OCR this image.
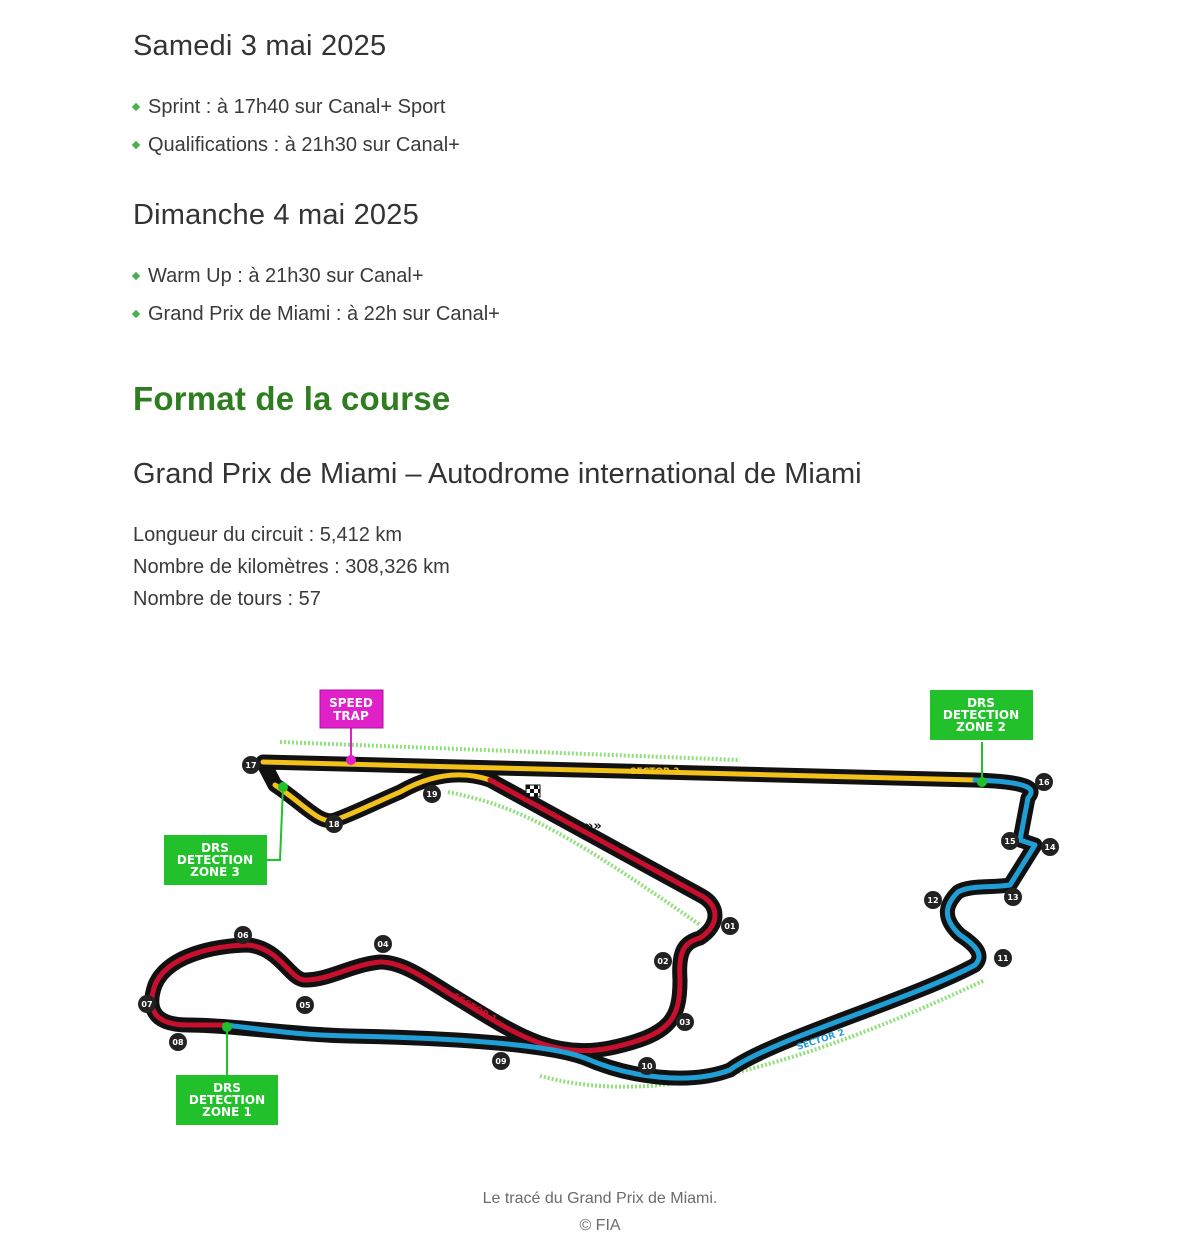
Samedi 3 mai 2025
Sprint : à 17h40 sur Canal+ Sport
Qualifications : à 21h30 sur Canal+
Dimanche 4 mai 2025
Warm Up : à 21h30 sur Canal+
Grand Prix de Miami : à 22h sur Canal+
Format de la course
Grand Prix de Miami – Autodrome international de Miami
Longueur du circuit : 5,412 km
Nombre de kilomètres : 308,326 km
Nombre de tours : 57
SECTOR 3
SECTOR 1
SECTOR 2
»»
SPEED
TRAP
DRS
DETECTION
ZONE 2
DRS
DETECTION
ZONE 3
DRS
DETECTION
ZONE 1
01
02
03
04
05
06
07
08
09
10
11
12	13
14
15
16
17
18
19
Le tracé du Grand Prix de Miami.
© FIA
